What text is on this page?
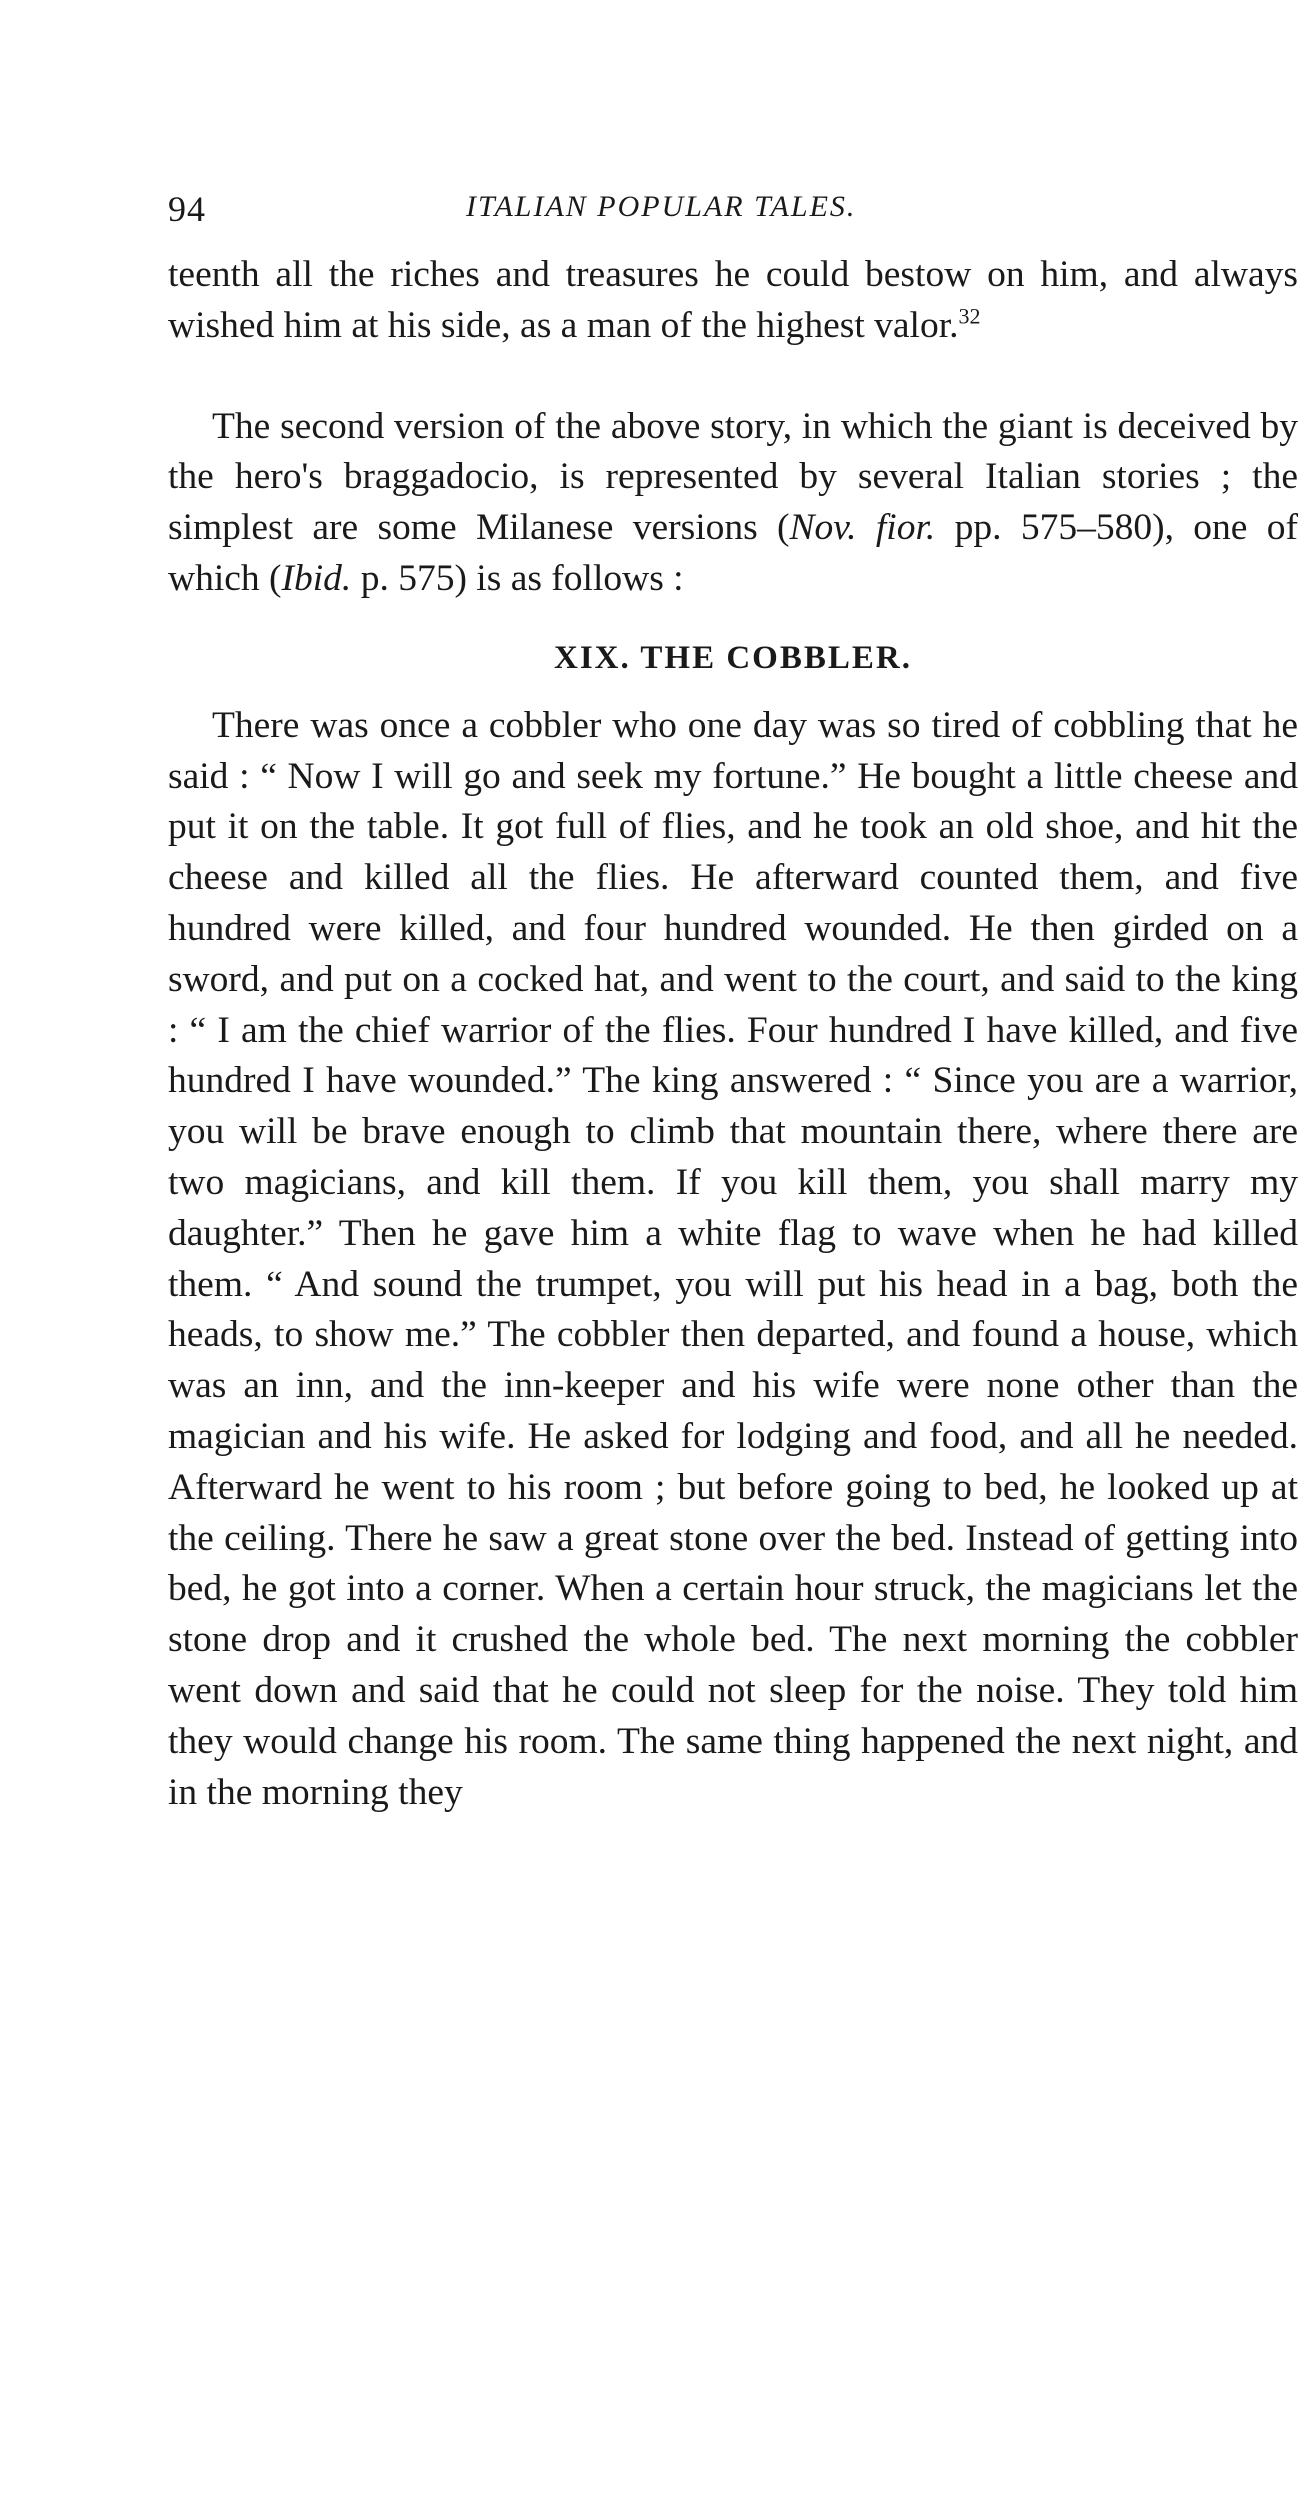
94	ITALIAN POPULAR TALES.

teenth all the riches and treasures he could bestow on him, and always wished him at his side, as a man of the highest valor.$^{32}$

The second version of the above story, in which the giant is deceived by the hero's braggadocio, is represented by several Italian stories ; the simplest are some Milanese versions (Nov. fior. pp. 575–580), one of which (Ibid. p. 575) is as follows :

XIX. THE COBBLER.

There was once a cobbler who one day was so tired of cobbling that he said : “ Now I will go and seek my fortune.” He bought a little cheese and put it on the table. It got full of flies, and he took an old shoe, and hit the cheese and killed all the flies. He afterward counted them, and five hundred were killed, and four hundred wounded. He then girded on a sword, and put on a cocked hat, and went to the court, and said to the king : “ I am the chief warrior of the flies. Four hundred I have killed, and five hundred I have wounded.” The king answered : “ Since you are a warrior, you will be brave enough to climb that mountain there, where there are two magicians, and kill them. If you kill them, you shall marry my daughter.” Then he gave him a white flag to wave when he had killed them. “ And sound the trumpet, you will put his head in a bag, both the heads, to show me.” The cobbler then departed, and found a house, which was an inn, and the inn-keeper and his wife were none other than the magician and his wife. He asked for lodging and food, and all he needed. Afterward he went to his room ; but before going to bed, he looked up at the ceiling. There he saw a great stone over the bed. Instead of getting into bed, he got into a corner. When a certain hour struck, the magicians let the stone drop and it crushed the whole bed. The next morning the cobbler went down and said that he could not sleep for the noise. They told him they would change his room. The same thing happened the next night, and in the morning they
